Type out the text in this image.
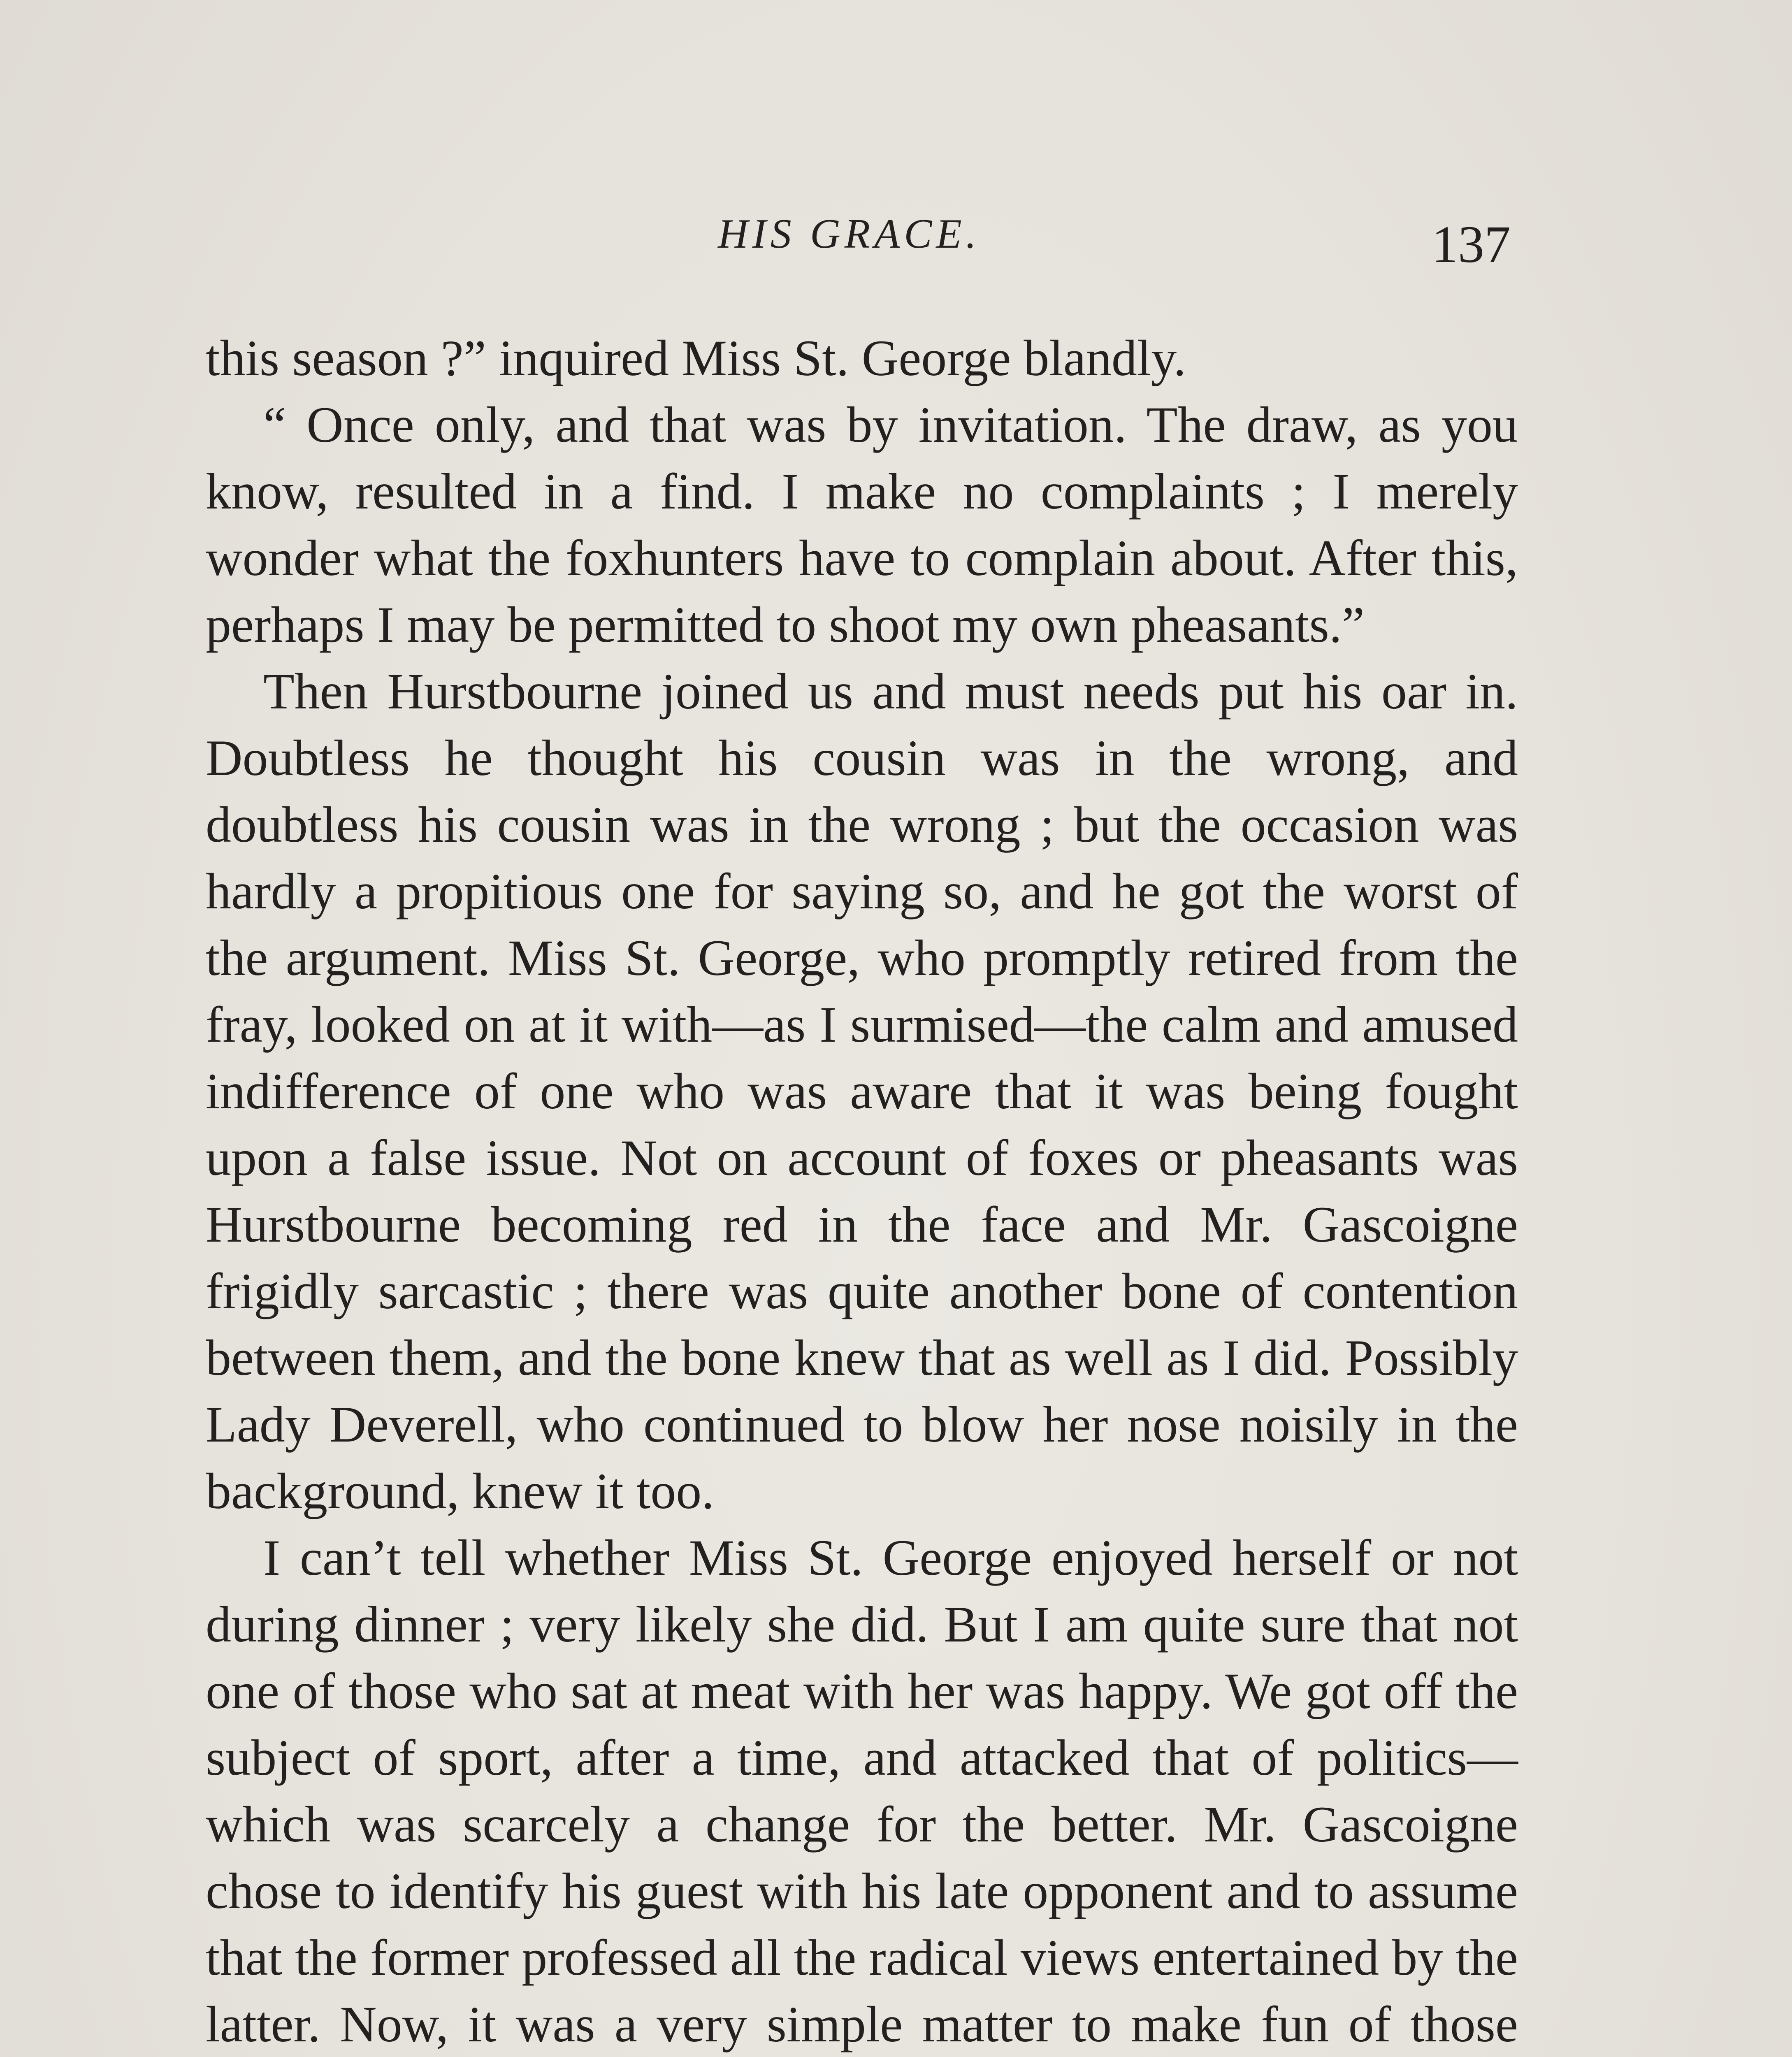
HIS GRACE.	137

this season ?” inquired Miss St. George blandly.

“ Once only, and that was by invitation. The draw, as you know, resulted in a find. I make no complaints ; I merely wonder what the foxhunters have to complain about. After this, perhaps I may be permitted to shoot my own pheasants.”

Then Hurstbourne joined us and must needs put his oar in. Doubtless he thought his cousin was in the wrong, and doubtless his cousin was in the wrong ; but the occasion was hardly a propitious one for saying so, and he got the worst of the argument. Miss St. George, who promptly retired from the fray, looked on at it with—as I surmised—the calm and amused indifference of one who was aware that it was being fought upon a false issue. Not on account of foxes or pheasants was Hurstbourne becoming red in the face and Mr. Gascoigne frigidly sarcastic ; there was quite another bone of contention between them, and the bone knew that as well as I did. Possibly Lady Deverell, who continued to blow her nose noisily in the background, knew it too.

I can’t tell whether Miss St. George enjoyed herself or not during dinner ; very likely she did. But I am quite sure that not one of those who sat at meat with her was happy. We got off the subject of sport, after a time, and attacked that of politics—which was scarcely a change for the better. Mr. Gascoigne chose to identify his guest with his late opponent and to assume that the former professed all the radical views entertained by the latter. Now, it was a very simple matter to make fun of those
